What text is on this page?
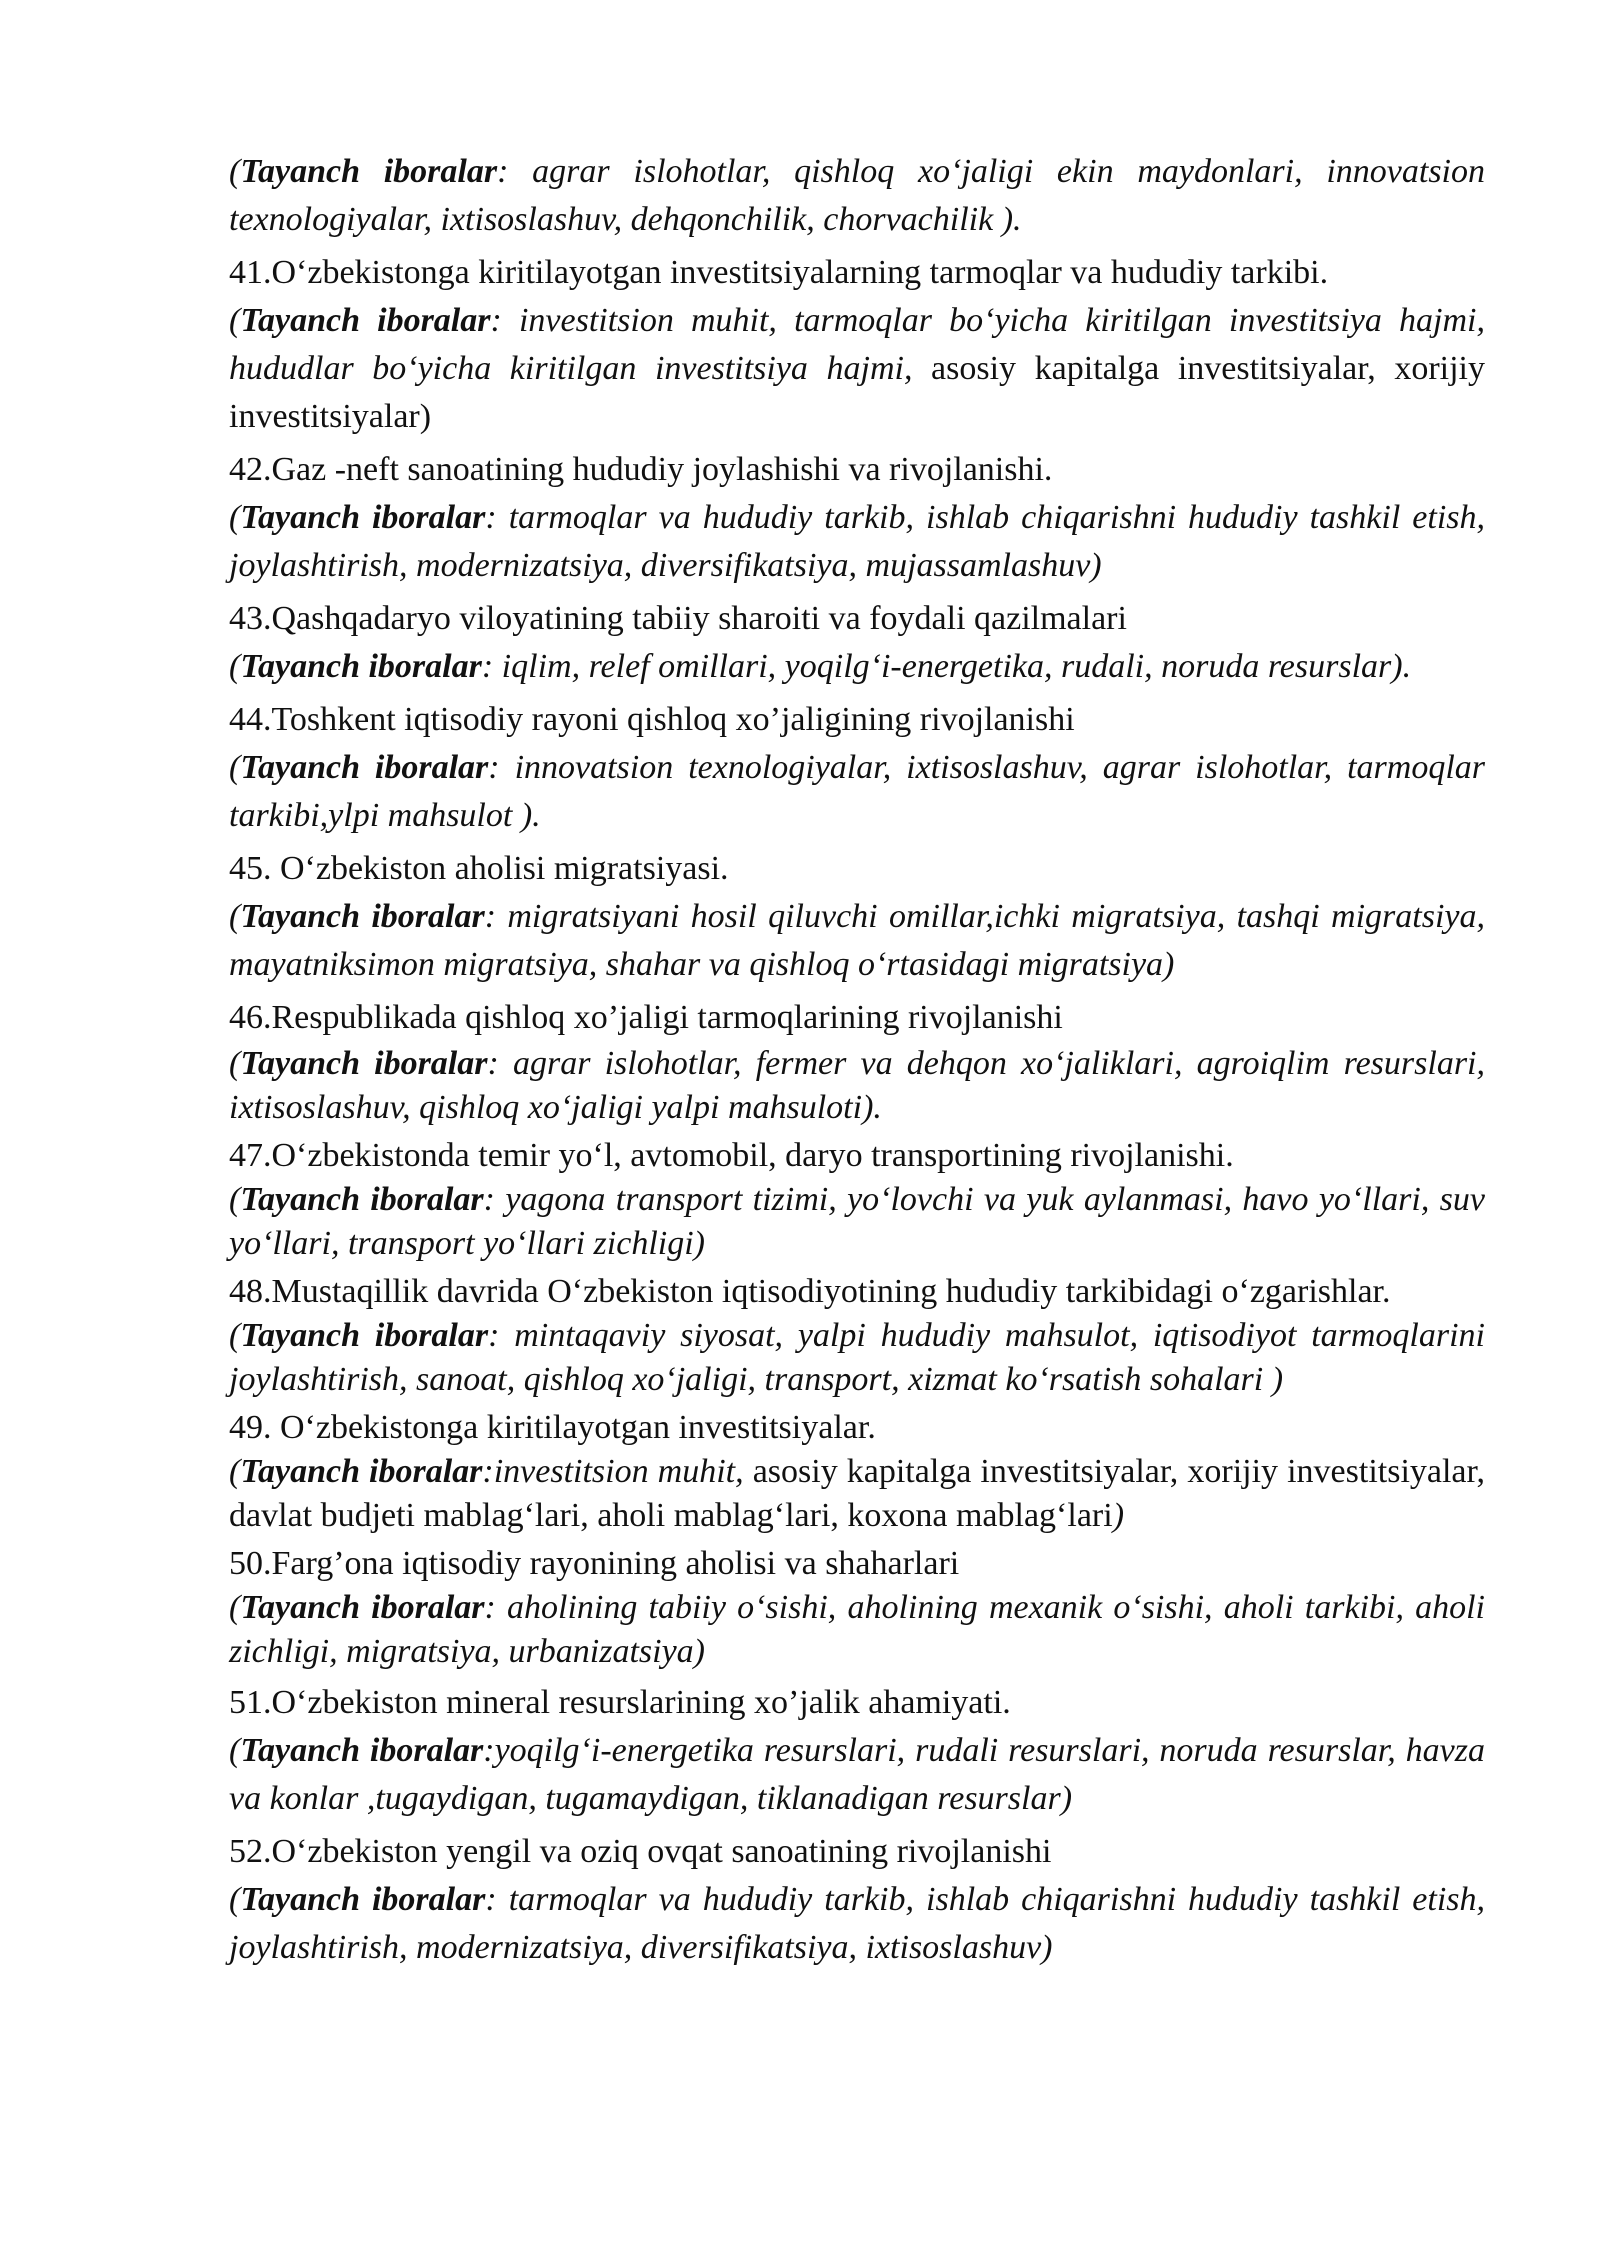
(Tayanch iboralar: agrar islohotlar, qishloq xo‘jaligi ekin maydonlari, innovatsion texnologiyalar, ixtisoslashuv, dehqonchilik, chorvachilik ).

41.O‘zbekistonga kiritilayotgan investitsiyalarning tarmoqlar va hududiy tarkibi.

(Tayanch iboralar: investitsion muhit, tarmoqlar bo‘yicha kiritilgan investitsiya hajmi, hududlar bo‘yicha kiritilgan investitsiya hajmi, asosiy kapitalga investitsiyalar, xorijiy investitsiyalar)

42.Gaz -neft sanoatining hududiy joylashishi va rivojlanishi.

(Tayanch iboralar: tarmoqlar va hududiy tarkib, ishlab chiqarishni hududiy tashkil etish, joylashtirish, modernizatsiya, diversifikatsiya, mujassamlashuv)

43.Qashqadaryo viloyatining tabiiy sharoiti va foydali qazilmalari

(Tayanch iboralar: iqlim, relef omillari, yoqilg‘i-energetika, rudali, noruda resurslar).

44.Toshkent iqtisodiy rayoni qishloq xo’jaligining rivojlanishi

(Tayanch iboralar: innovatsion texnologiyalar, ixtisoslashuv, agrar islohotlar, tarmoqlar tarkibi,ylpi mahsulot ).

45. O‘zbekiston aholisi migratsiyasi.

(Tayanch iboralar: migratsiyani hosil qiluvchi omillar,ichki migratsiya, tashqi migratsiya, mayatniksimon migratsiya, shahar va qishloq o‘rtasidagi migratsiya)

46.Respublikada qishloq xo’jaligi tarmoqlarining rivojlanishi

(Tayanch iboralar: agrar islohotlar, fermer va dehqon xo‘jaliklari, agroiqlim resurslari, ixtisoslashuv, qishloq xo‘jaligi yalpi mahsuloti).

47.O‘zbekistonda temir yo‘l, avtomobil, daryo transportining rivojlanishi.

(Tayanch iboralar: yagona transport tizimi, yo‘lovchi va yuk aylanmasi, havo yo‘llari, suv yo‘llari, transport yo‘llari zichligi)

48.Mustaqillik davrida O‘zbekiston iqtisodiyotining hududiy tarkibidagi o‘zgarishlar.

(Tayanch iboralar: mintaqaviy siyosat, yalpi hududiy mahsulot, iqtisodiyot tarmoqlarini joylashtirish, sanoat, qishloq xo‘jaligi, transport, xizmat ko‘rsatish sohalari )

49. O‘zbekistonga kiritilayotgan investitsiyalar.

(Tayanch iboralar:investitsion muhit, asosiy kapitalga investitsiyalar, xorijiy investitsiyalar, davlat budjeti mablag‘lari, aholi mablag‘lari, koxona mablag‘lari)

50.Farg’ona iqtisodiy rayonining aholisi va shaharlari

(Tayanch iboralar: aholining tabiiy o‘sishi, aholining mexanik o‘sishi, aholi tarkibi, aholi zichligi, migratsiya, urbanizatsiya)

51.O‘zbekiston mineral resurslarining xo’jalik ahamiyati.

(Tayanch iboralar:yoqilg‘i-energetika resurslari, rudali resurslari, noruda resurslar, havza va konlar ,tugaydigan, tugamaydigan, tiklanadigan resurslar)

52.O‘zbekiston yengil va oziq ovqat sanoatining rivojlanishi

(Tayanch iboralar: tarmoqlar va hududiy tarkib, ishlab chiqarishni hududiy tashkil etish, joylashtirish, modernizatsiya, diversifikatsiya, ixtisoslashuv)
